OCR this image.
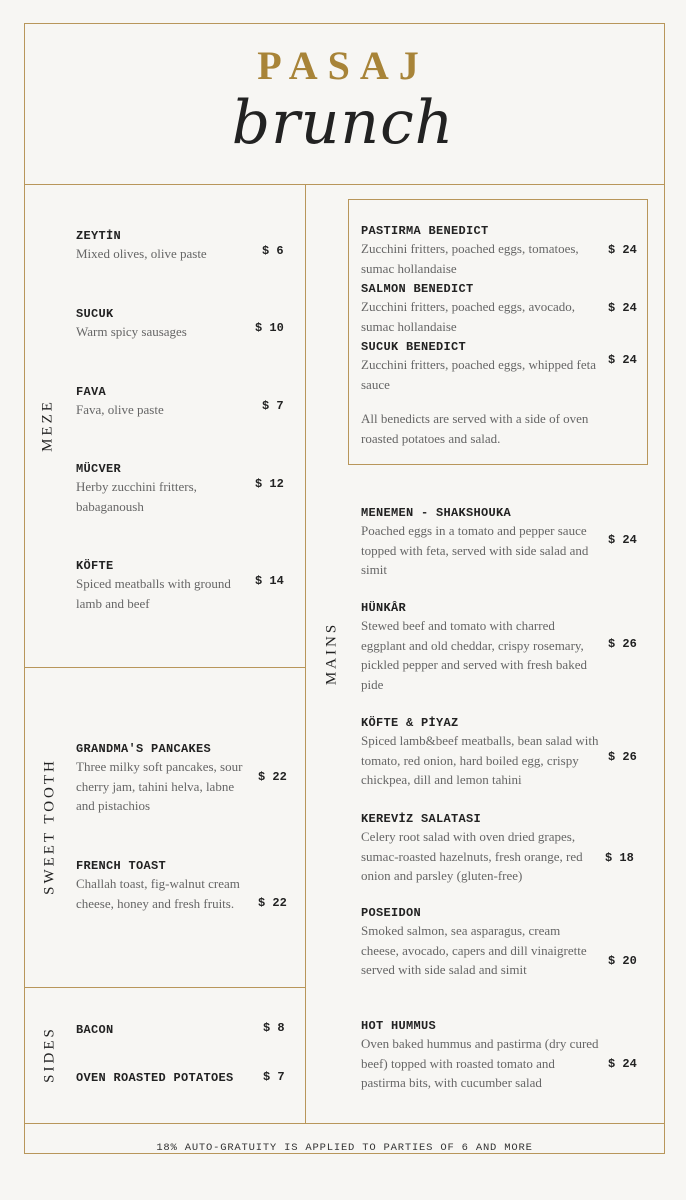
PASAJ
brunch
MEZE
SWEET TOOTH
SIDES
MAINS
ZEYTİN
Mixed olives, olive paste	$ 6
SUCUK
Warm spicy sausages	$ 10
FAVA
Fava, olive paste	$ 7
MÜCVER
Herby zucchini fritters, babaganoush
$ 12
KÖFTE
Spiced meatballs with ground lamb and beef
$ 14
GRANDMA'S PANCAKES
Three milky soft pancakes, sour cherry jam, tahini helva, labne and pistachios
$ 22
FRENCH TOAST
Challah toast, fig-walnut cream cheese, honey and fresh fruits.	$ 22
BACON	$ 8
OVEN ROASTED POTATOES	$ 7
PASTIRMA BENEDICT
Zucchini fritters, poached eggs, tomatoes, sumac hollandaise
$ 24
SALMON BENEDICT
Zucchini fritters, poached eggs, avocado, sumac hollandaise
$ 24
SUCUK BENEDICT
Zucchini fritters, poached eggs, whipped feta sauce
$ 24
All benedicts are served with a side of oven roasted potatoes and salad.
MENEMEN - SHAKSHOUKA
Poached eggs in a tomato and pepper sauce topped with feta, served with side salad and simit
$ 24
HÜNKÂR
Stewed beef and tomato with charred eggplant and old cheddar, crispy rosemary, pickled pepper and served with fresh baked pide
$ 26
KÖFTE & PİYAZ
Spiced lamb&beef meatballs, bean salad with tomato, red onion, hard boiled egg, crispy chickpea, dill and lemon tahini
$ 26
KEREVİZ SALATASI
Celery root salad with oven dried grapes, sumac-roasted hazelnuts, fresh orange, red onion and parsley (gluten-free)
$ 18
POSEIDON
Smoked salmon, sea asparagus, cream cheese, avocado, capers and dill vinaigrette served with side salad and simit
$ 20
HOT HUMMUS
Oven baked hummus and pastirma (dry cured beef) topped with roasted tomato and pastirma bits, with cucumber salad
$ 24
18% AUTO-GRATUITY IS APPLIED TO PARTIES OF 6 AND MORE
